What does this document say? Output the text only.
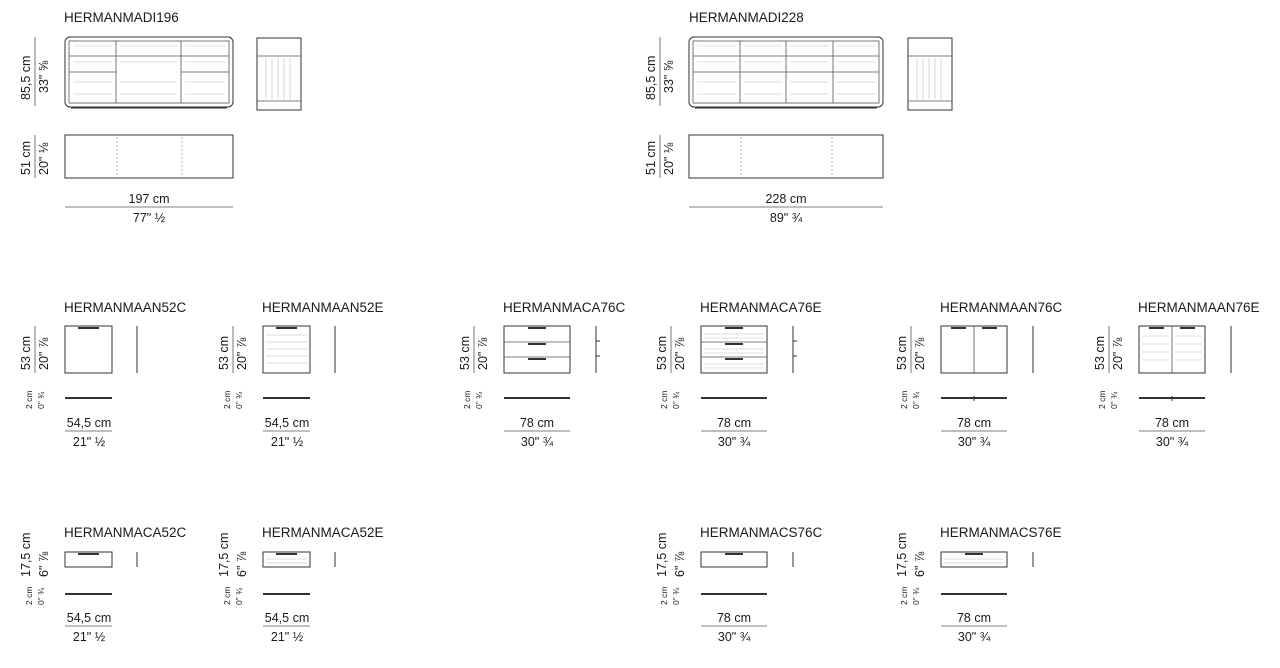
HERMANMADI196
85,5 cm 33" ⅝
51 cm 20" ⅛
197 cm
77" ½
HERMANMADI228
85,5 cm 33" ⅝
51 cm 20" ⅛
228 cm
89" ¾
HERMANMAAN52C
53 cm 20" ⅞
2 cm 0" ¾
54,5 cm
21" ½
HERMANMAAN52E
53 cm 20" ⅞
2 cm 0" ¾
54,5 cm
21" ½
HERMANMACA76C
53 cm 20" ⅞
2 cm 0" ¾
78 cm
30" ¾
HERMANMACA76E
53 cm 20" ⅞
2 cm 0" ¾
78 cm
30" ¾
HERMANMAAN76C
53 cm 20" ⅞
2 cm 0" ¾
78 cm
30" ¾
HERMANMAAN76E
53 cm 20" ⅞
2 cm 0" ¾
78 cm
30" ¾
HERMANMACA52C
17,5 cm 6" ⅞
2 cm 0" ¾
54,5 cm
21" ½
HERMANMACA52E
17,5 cm 6" ⅞
2 cm 0" ¾
54,5 cm
21" ½
HERMANMACS76C
17,5 cm 6" ⅞
2 cm 0" ¾
78 cm
30" ¾
HERMANMACS76E
17,5 cm 6" ⅞
2 cm 0" ¾
78 cm
30" ¾
